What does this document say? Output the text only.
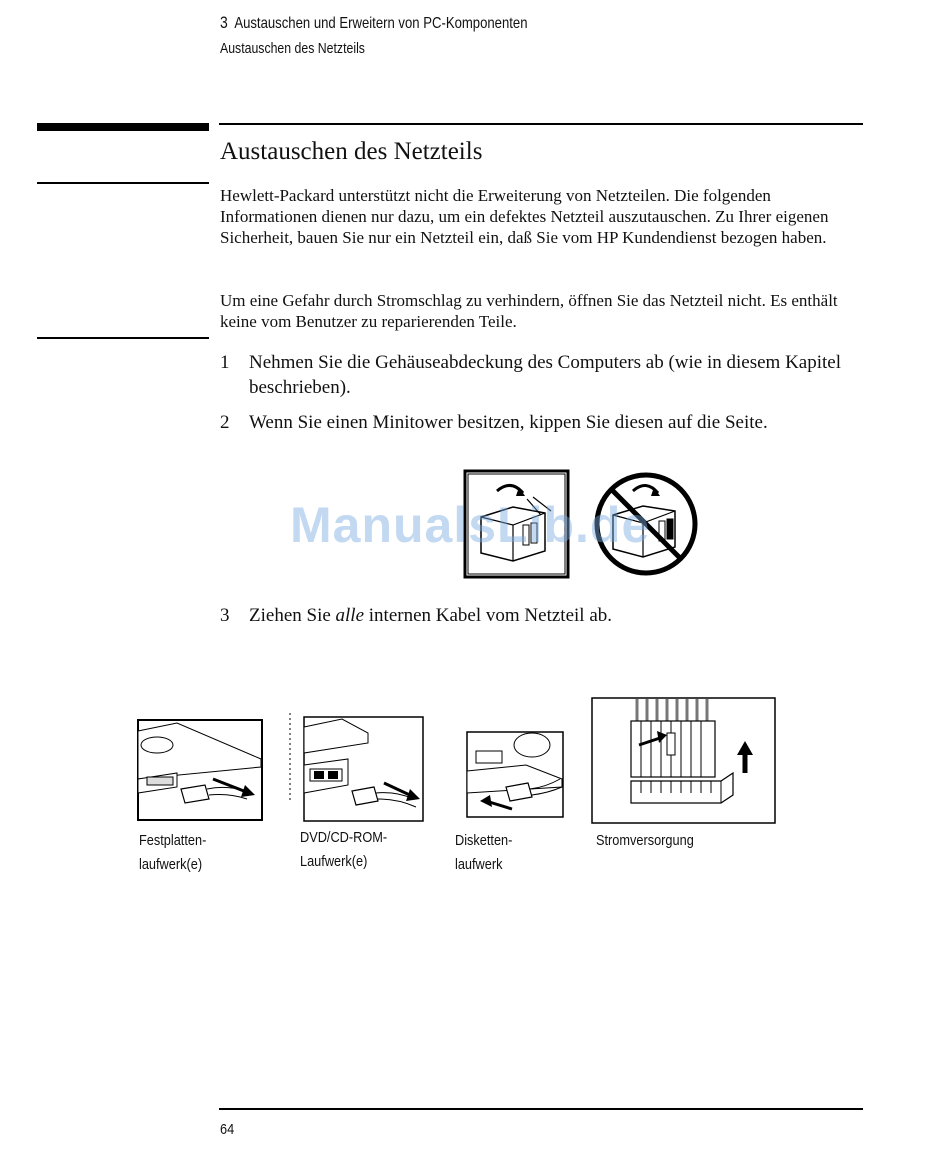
3 Austauschen und Erweitern von PC-Komponenten
Austauschen des Netzteils
Austauschen des Netzteils
Hewlett-Packard unterstützt nicht die Erweiterung von Netzteilen. Die folgenden Informationen dienen nur dazu, um ein defektes Netzteil auszutauschen. Zu Ihrer eigenen Sicherheit, bauen Sie nur ein Netzteil ein, daß Sie vom HP Kundendienst bezogen haben.
Um eine Gefahr durch Stromschlag zu verhindern, öffnen Sie das Netzteil nicht. Es enthält keine vom Benutzer zu reparierenden Teile.
1 Nehmen Sie die Gehäuseabdeckung des Computers ab (wie in diesem Kapitel beschrieben).
2 Wenn Sie einen Minitower besitzen, kippen Sie diesen auf die Seite.
ManualsLib.de
3 Ziehen Sie alle internen Kabel vom Netzteil ab.
Festplatten-
laufwerk(e)
DVD/CD-ROM-
Laufwerk(e)
Disketten-
laufwerk
Stromversorgung
64
